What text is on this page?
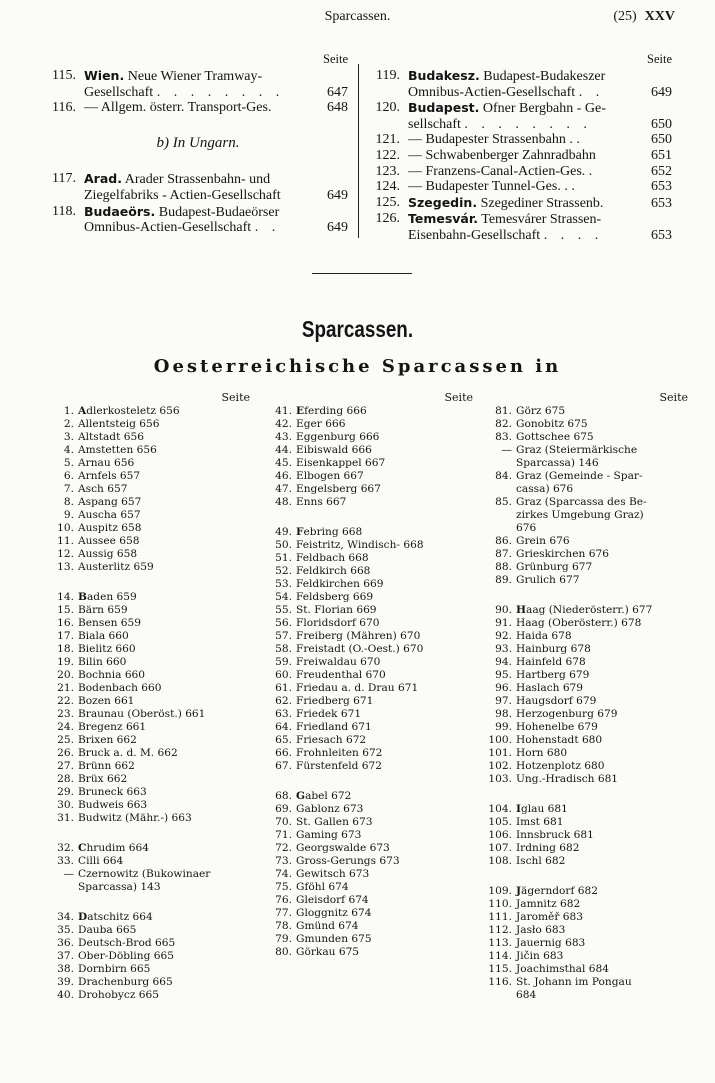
Sparcassen.	(25) XXV
Seite
115. Wien. Neue Wiener Tramway-
Gesellschaft . . . . . . . .	647
116. — Allgem. österr. Transport-Ges.	648
b) In Ungarn.
117. Arad. Arader Strassenbahn- und
Ziegelfabriks - Actien-Gesellschaft	649
118. Budaeörs. Budapest-Budaeörser
Omnibus-Actien-Gesellschaft . .	649
Seite
119. Budakesz. Budapest-Budakeszer
Omnibus-Actien-Gesellschaft . .	649
120. Budapest. Ofner Bergbahn - Ge-
sellschaft . . . . . . . .	650
121. — Budapester Strassenbahn . .	650
122. — Schwabenberger Zahnradbahn	651
123. — Franzens-Canal-Actien-Ges. .	652
124. — Budapester Tunnel-Ges. . .	653
125. Szegedin. Szegediner Strassenb.	653
126. Temesvár. Temesvárer Strassen-
Eisenbahn-Gesellschaft . . . .	653
Sparcassen.
Oesterreichische Sparcassen in
Seite
1. Adlerkosteletz 656
2. Allentsteig 656
3. Altstadt 656
4. Amstetten 656
5. Arnau 656
6. Arnfels 657
7. Asch 657
8. Aspang 657
9. Auscha 657
10. Auspitz 658
11. Aussee 658
12. Aussig 658
13. Austerlitz 659
14. Baden 659
15. Bärn 659
16. Bensen 659
17. Biala 660
18. Bielitz 660
19. Bilin 660
20. Bochnia 660
21. Bodenbach 660
22. Bozen 661
23. Braunau (Oberöst.) 661
24. Bregenz 661
25. Brixen 662
26. Bruck a. d. M. 662
27. Brünn 662
28. Brüx 662
29. Bruneck 663
30. Budweis 663
31. Budwitz (Mähr.-) 663
32. Chrudim 664
33. Cilli 664
— Czernowitz (Bukowinaer
Sparcassa) 143
34. Datschitz 664
35. Dauba 665
36. Deutsch-Brod 665
37. Ober-Döbling 665
38. Dornbirn 665
39. Drachenburg 665
40. Drohobycz 665
Seite
41. Eferding 666
42. Eger 666
43. Eggenburg 666
44. Eibiswald 666
45. Eisenkappel 667
46. Elbogen 667
47. Engelsberg 667
48. Enns 667
49. Febring 668
50. Feistritz, Windisch- 668
51. Feldbach 668
52. Feldkirch 668
53. Feldkirchen 669
54. Feldsberg 669
55. St. Florian 669
56. Floridsdorf 670
57. Freiberg (Mähren) 670
58. Freistadt (O.-Oest.) 670
59. Freiwaldau 670
60. Freudenthal 670
61. Friedau a. d. Drau 671
62. Friedberg 671
63. Friedek 671
64. Friedland 671
65. Friesach 672
66. Frohnleiten 672
67. Fürstenfeld 672
68. Gabel 672
69. Gablonz 673
70. St. Gallen 673
71. Gaming 673
72. Georgswalde 673
73. Gross-Gerungs 673
74. Gewitsch 673
75. Gföhl 674
76. Gleisdorf 674
77. Gloggnitz 674
78. Gmünd 674
79. Gmunden 675
80. Görkau 675
Seite
81. Görz 675
82. Gonobitz 675
83. Gottschee 675
— Graz (Steiermärkische
Sparcassa) 146
84. Graz (Gemeinde - Spar-
cassa) 676
85. Graz (Sparcassa des Be-
zirkes Umgebung Graz)
676
86. Grein 676
87. Grieskirchen 676
88. Grünburg 677
89. Grulich 677
90. Haag (Niederösterr.) 677
91. Haag (Oberösterr.) 678
92. Haida 678
93. Hainburg 678
94. Hainfeld 678
95. Hartberg 679
96. Haslach 679
97. Haugsdorf 679
98. Herzogenburg 679
99. Hohenelbe 679
100. Hohenstadt 680
101. Horn 680
102. Hotzenplotz 680
103. Ung.-Hradisch 681
104. Iglau 681
105. Imst 681
106. Innsbruck 681
107. Irdning 682
108. Ischl 682
109. Jägerndorf 682
110. Jamnitz 682
111. Jaroměř 683
112. Jasło 683
113. Jauernig 683
114. Jičin 683
115. Joachimsthal 684
116. St. Johann im Pongau
684
